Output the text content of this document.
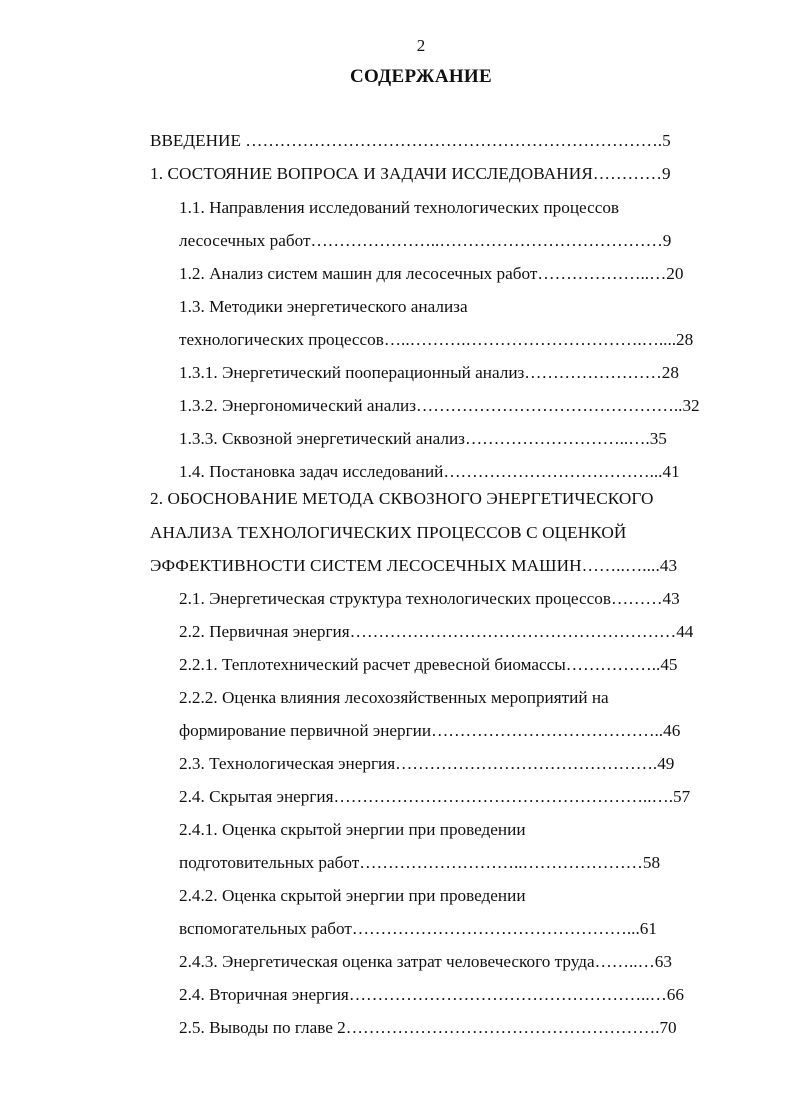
2
СОДЕРЖАНИЕ
ВВЕДЕНИЕ ……………………………………………………………….5
1. СОСТОЯНИЕ ВОПРОСА И ЗАДАЧИ ИССЛЕДОВАНИЯ…………9
1.1. Направления исследований технологических процессов
лесосечных работ…………………..…………………………………9
1.2. Анализ систем машин для лесосечных работ………………..…20
1.3. Методики энергетического анализа
технологических процессов…..……….………………………….…....28
1.3.1. Энергетический пооперационный анализ……………………28
1.3.2. Энергономический анализ………………………………………..32
1.3.3. Сквозной энергетический анализ………………………..….35
1.4. Постановка задач исследований………………………………...41
2. ОБОСНОВАНИЕ МЕТОДА СКВОЗНОГО ЭНЕРГЕТИЧЕСКОГО
АНАЛИЗА ТЕХНОЛОГИЧЕСКИХ ПРОЦЕССОВ С ОЦЕНКОЙ
ЭФФЕКТИВНОСТИ СИСТЕМ ЛЕСОСЕЧНЫХ МАШИН……..…....43
2.1. Энергетическая структура технологических процессов………43
2.2. Первичная энергия…………………………………………………44
2.2.1. Теплотехнический расчет древесной биомассы……………..45
2.2.2. Оценка влияния лесохозяйственных мероприятий на
формирование первичной энергии…………………………………..46
2.3. Технологическая энергия……………………………………….49
2.4. Скрытая энергия………………………………………………..….57
2.4.1. Оценка скрытой энергии при проведении
подготовительных работ………………………..…………………58
2.4.2. Оценка скрытой энергии при проведении
вспомогательных работ…………………………………………...61
2.4.3. Энергетическая оценка затрат человеческого труда……..…63
2.4. Вторичная энергия……………………………………………..…66
2.5. Выводы по главе 2……………………………………………….70
